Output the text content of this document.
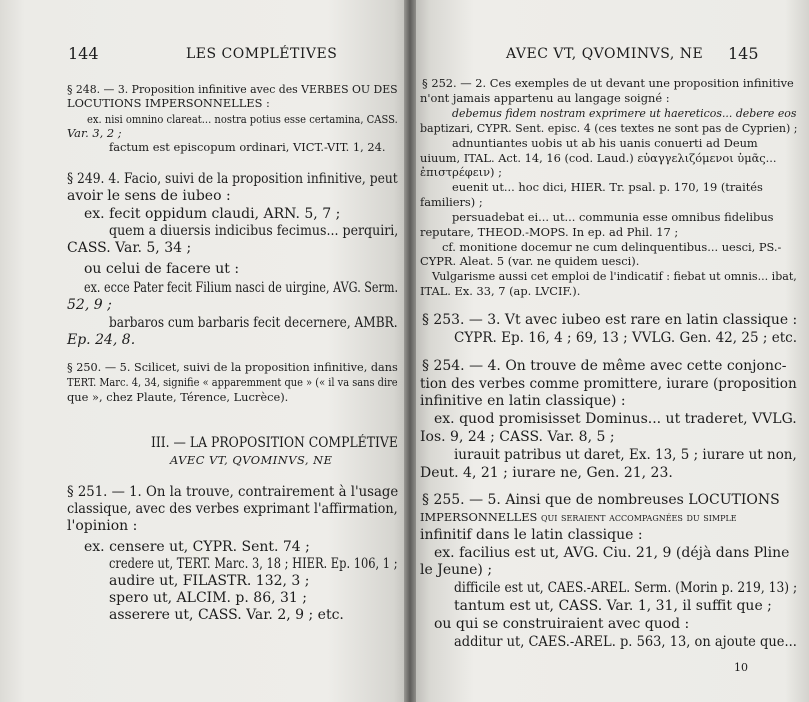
144	LES COMPLÉTIVES
§ 248. — 3. Proposition infinitive avec des VERBES OU DES
LOCUTIONS IMPERSONNELLES :
ex. nisi omnino clareat... nostra potius esse certamina, CASS.
Var. 3, 2 ;
factum est episcopum ordinari, VICT.-VIT. 1, 24.
§ 249. 4. Facio, suivi de la proposition infinitive, peut
avoir le sens de iubeo :
ex. fecit oppidum claudi, ARN. 5, 7 ;
quem a diuersis indicibus fecimus... perquiri,
CASS. Var. 5, 34 ;
ou celui de facere ut :
ex. ecce Pater fecit Filium nasci de uirgine, AVG. Serm.
52, 9 ;
barbaros cum barbaris fecit decernere, AMBR.
Ep. 24, 8.
§ 250. — 5. Scilicet, suivi de la proposition infinitive, dans
TERT. Marc. 4, 34, signifie « apparemment que » (« il va sans dire
que », chez Plaute, Térence, Lucrèce).
III. — LA PROPOSITION COMPLÉTIVE
AVEC VT, QVOMINVS, NE
§ 251. — 1. On la trouve, contrairement à l'usage
classique, avec des verbes exprimant l'affirmation,
l'opinion :
ex. censere ut, CYPR. Sent. 74 ;
credere ut, TERT. Marc. 3, 18 ; HIER. Ep. 106, 1 ;
audire ut, FILASTR. 132, 3 ;
spero ut, ALCIM. p. 86, 31 ;
asserere ut, CASS. Var. 2, 9 ; etc.
AVEC VT, QVOMINVS, NE 145
§ 252. — 2. Ces exemples de ut devant une proposition infinitive
n'ont jamais appartenu au langage soigné :
debemus fidem nostram exprimere ut haereticos... debere eos
baptizari, CYPR. Sent. episc. 4 (ces textes ne sont pas de Cyprien) ;
adnuntiantes uobis ut ab his uanis conuerti ad Deum
uiuum, ITAL. Act. 14, 16 (cod. Laud.) εὐαγγελιζόμενοι ὑμᾶς...
ἐπιστρέφειν) ;
euenit ut... hoc dici, HIER. Tr. psal. p. 170, 19 (traités
familiers) ;
persuadebat ei... ut... communia esse omnibus fidelibus
reputare, THEOD.-MOPS. In ep. ad Phil. 17 ;
cf. monitione docemur ne cum delinquentibus... uesci, PS.-
CYPR. Aleat. 5 (var. ne quidem uesci).
Vulgarisme aussi cet emploi de l'indicatif : fiebat ut omnis... ibat,
ITAL. Ex. 33, 7 (ap. LVCIF.).
§ 253. — 3. Vt avec iubeo est rare en latin classique :
CYPR. Ep. 16, 4 ; 69, 13 ; VVLG. Gen. 42, 25 ; etc.
§ 254. — 4. On trouve de même avec cette conjonc-
tion des verbes comme promittere, iurare (proposition
infinitive en latin classique) :
ex. quod promisisset Dominus... ut traderet, VVLG.
Ios. 9, 24 ; CASS. Var. 8, 5 ;
iurauit patribus ut daret, Ex. 13, 5 ; iurare ut non,
Deut. 4, 21 ; iurare ne, Gen. 21, 23.
§ 255. — 5. Ainsi que de nombreuses LOCUTIONS
IMPERSONNELLES qui seraient accompagnées du simple
infinitif dans le latin classique :
ex. facilius est ut, AVG. Ciu. 21, 9 (déjà dans Pline
le Jeune) ;
difficile est ut, CAES.-AREL. Serm. (Morin p. 219, 13) ;
tantum est ut, CASS. Var. 1, 31, il suffit que ;
ou qui se construiraient avec quod :
additur ut, CAES.-AREL. p. 563, 13, on ajoute que...
10
